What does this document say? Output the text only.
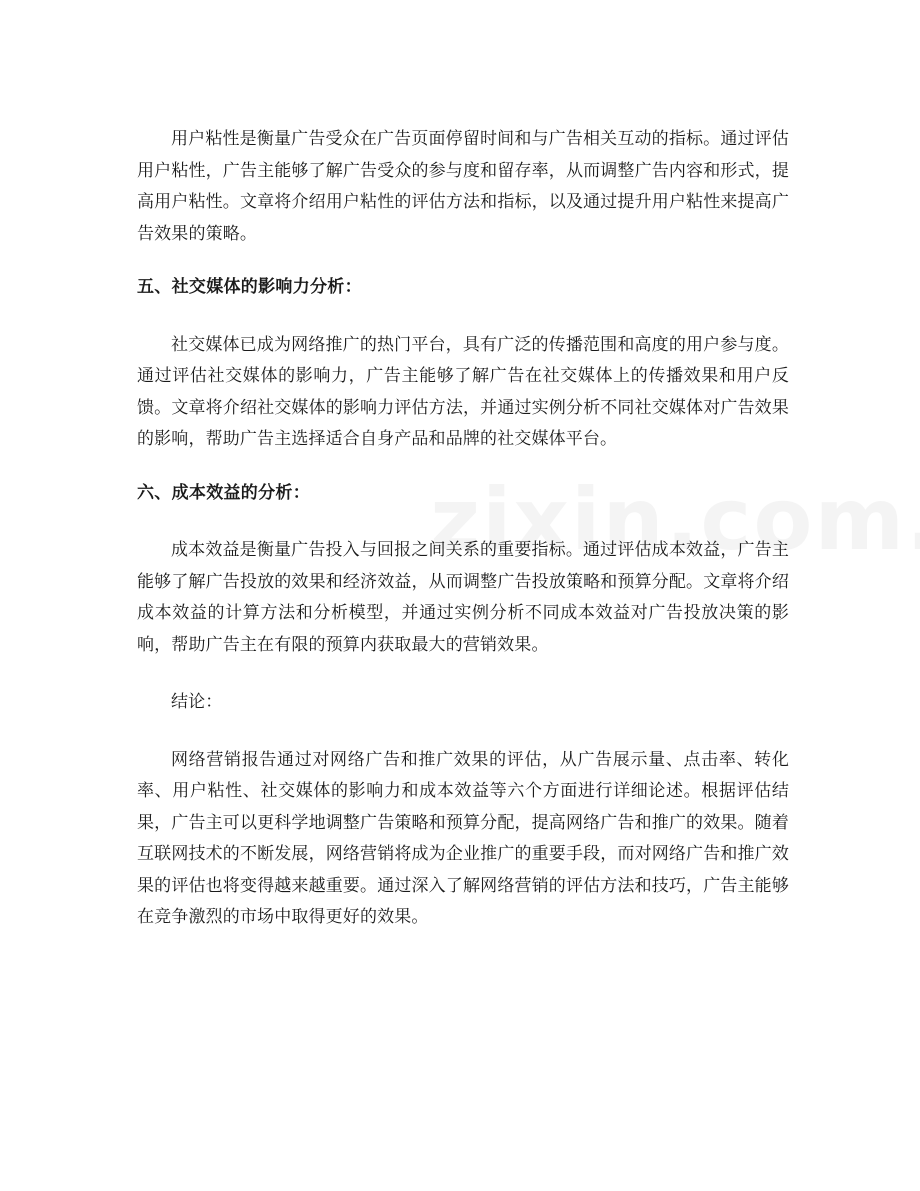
用户粘性是衡量广告受众在广告页面停留时间和与广告相关互动的指标。通过评估用户粘性，广告主能够了解广告受众的参与度和留存率，从而调整广告内容和形式，提高用户粘性。文章将介绍用户粘性的评估方法和指标，以及通过提升用户粘性来提高广告效果的策略。

五、社交媒体的影响力分析：

社交媒体已成为网络推广的热门平台，具有广泛的传播范围和高度的用户参与度。通过评估社交媒体的影响力，广告主能够了解广告在社交媒体上的传播效果和用户反馈。文章将介绍社交媒体的影响力评估方法，并通过实例分析不同社交媒体对广告效果的影响，帮助广告主选择适合自身产品和品牌的社交媒体平台。

六、成本效益的分析：

成本效益是衡量广告投入与回报之间关系的重要指标。通过评估成本效益，广告主能够了解广告投放的效果和经济效益，从而调整广告投放策略和预算分配。文章将介绍成本效益的计算方法和分析模型，并通过实例分析不同成本效益对广告投放决策的影响，帮助广告主在有限的预算内获取最大的营销效果。

结论：

网络营销报告通过对网络广告和推广效果的评估，从广告展示量、点击率、转化率、用户粘性、社交媒体的影响力和成本效益等六个方面进行详细论述。根据评估结果，广告主可以更科学地调整广告策略和预算分配，提高网络广告和推广的效果。随着互联网技术的不断发展，网络营销将成为企业推广的重要手段，而对网络广告和推广效果的评估也将变得越来越重要。通过深入了解网络营销的评估方法和技巧，广告主能够在竞争激烈的市场中取得更好的效果。
